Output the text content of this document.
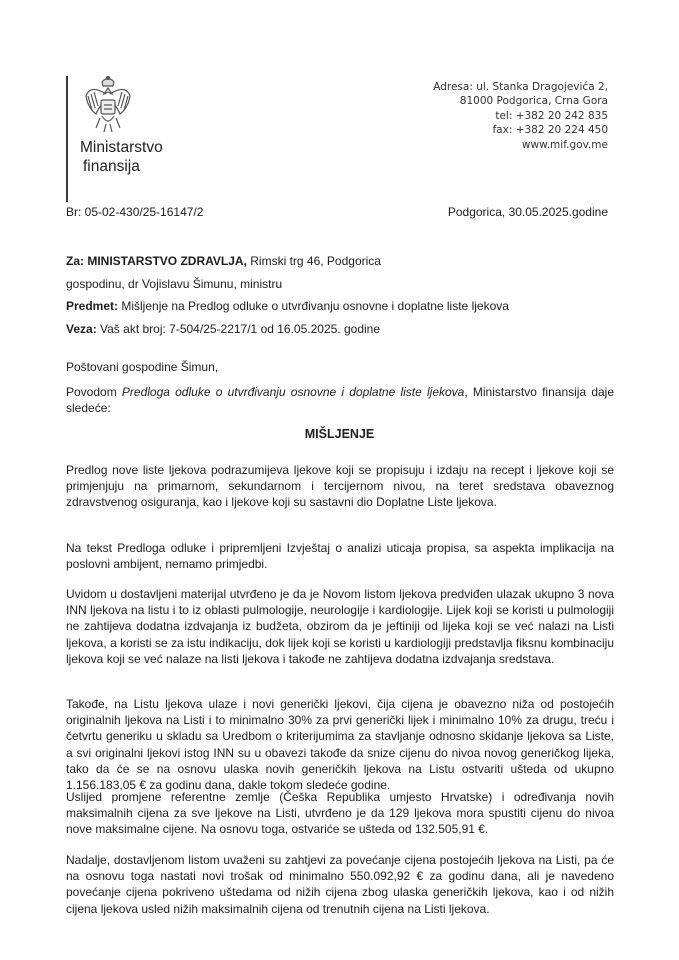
Ministarstvo
finansija
Adresa: ul. Stanka Dragojevića 2,
81000 Podgorica, Crna Gora
tel: +382 20 242 835
fax: +382 20 224 450
www.mif.gov.me
Br: 05-02-430/25-16147/2	Podgorica, 30.05.2025.godine
Za: MINISTARSTVO ZDRAVLJA, Rimski trg 46, Podgorica
gospodinu, dr Vojislavu Šimunu, ministru
Predmet: Mišljenje na Predlog odluke o utvrđivanju osnovne i doplatne liste ljekova
Veza: Vaš akt broj: 7-504/25-2217/1 od 16.05.2025. godine
Poštovani gospodine Šimun,
Povodom Predloga odluke o utvrđivanju osnovne i doplatne liste ljekova, Ministarstvo finansija daje sledeće:
MIŠLJENJE
Predlog nove liste ljekova podrazumijeva ljekove koji se propisuju i izdaju na recept i ljekove koji se primjenjuju na primarnom, sekundarnom i tercijernom nivou, na teret sredstava obaveznog zdravstvenog osiguranja, kao i ljekove koji su sastavni dio Doplatne Liste ljekova.
Na tekst Predloga odluke i pripremljeni Izvještaj o analizi uticaja propisa, sa aspekta implikacija na poslovni ambijent, nemamo primjedbi.
Uvidom u dostavljeni materijal utvrđeno je da je Novom listom ljekova predviđen ulazak ukupno 3 nova INN ljekova na listu i to iz oblasti pulmologije, neurologije i kardiologije. Lijek koji se koristi u pulmologiji ne zahtijeva dodatna izdvajanja iz budžeta, obzirom da je jeftiniji od lijeka koji se već nalazi na Listi ljekova, a koristi se za istu indikaciju, dok lijek koji se koristi u kardiologiji predstavlja fiksnu kombinaciju ljekova koji se već nalaze na listi ljekova i takođe ne zahtijeva dodatna izdvajanja sredstava.
Takođe, na Listu ljekova ulaze i novi generički ljekovi, čija cijena je obavezno niža od postojećih originalnih ljekova na Listi i to minimalno 30% za prvi generički lijek i minimalno 10% za drugu, treću i četvrtu generiku u skladu sa Uredbom o kriterijumima za stavljanje odnosno skidanje ljekova sa Liste, a svi originalni ljekovi istog INN su u obavezi takođe da snize cijenu do nivoa novog generičkog lijeka, tako da će se na osnovu ulaska novih generičkih ljekova na Listu ostvariti ušteda od ukupno 1.156.183,05 € za godinu dana, dakle tokom sledeće godine.
Uslijed promjene referentne zemlje (Češka Republika umjesto Hrvatske) i određivanja novih maksimalnih cijena za sve ljekove na Listi, utvrđeno je da 129 ljekova mora spustiti cijenu do nivoa nove maksimalne cijene. Na osnovu toga, ostvariće se ušteda od 132.505,91 €.
Nadalje, dostavljenom listom uvaženi su zahtjevi za povećanje cijena postojećih ljekova na Listi, pa će na osnovu toga nastati novi trošak od minimalno 550.092,92 € za godinu dana, ali je navedeno povećanje cijena pokriveno uštedama od nižih cijena zbog ulaska generičkih ljekova, kao i od nižih cijena ljekova usled nižih maksimalnih cijena od trenutnih cijena na Listi ljekova.
